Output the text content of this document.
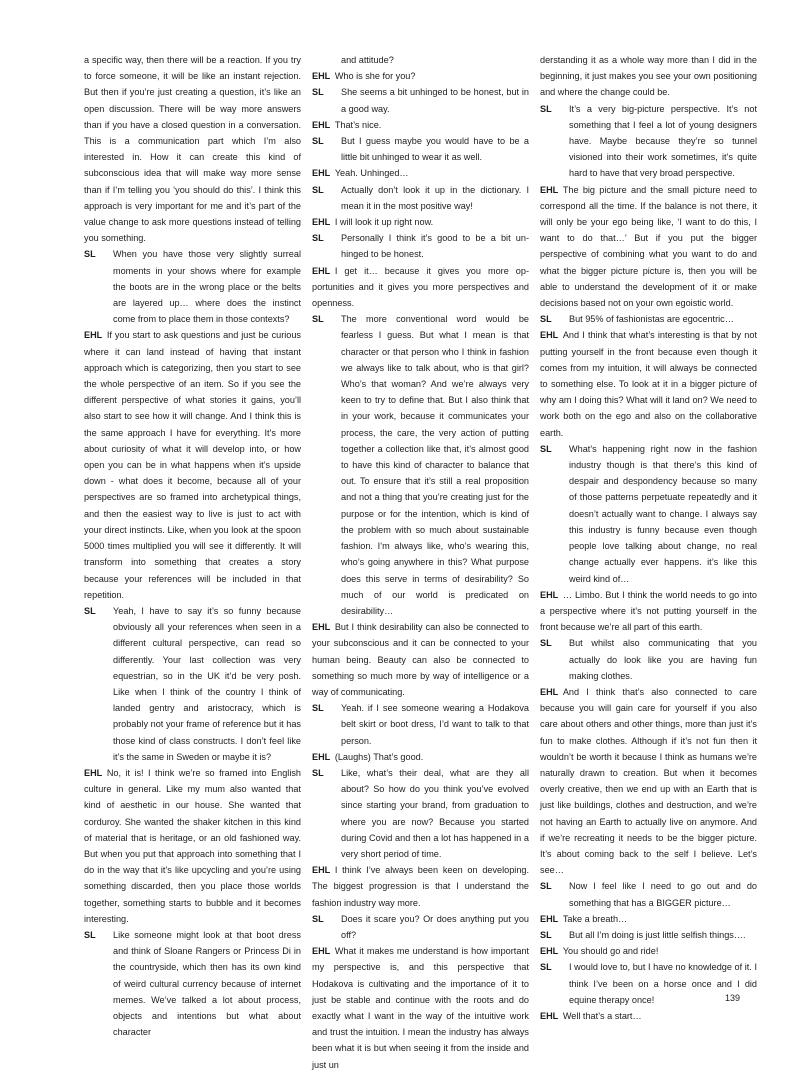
a specific way, then there will be a reaction. If you try to force someone, it will be like an instant rejection. But then if you’re just creating a question, it’s like an open discussion. There will be way more answers than if you have a closed question in a conversation. This is a communication part which I’m also interested in. How it can create this kind of subconscious idea that will make way more sense than if I’m telling you ‘you should do this’. I think this approach is very important for me and it’s part of the value change to ask more questions instead of telling you something.
SL When you have those very slightly surreal moments in your shows where for example the boots are in the wrong place or the belts are layered up… where does the instinct come from to place them in those contexts?
EHL  If you start to ask questions and just be curious where it can land instead of having that instant approach which is categorizing, then you start to see the whole perspective of an item. So if you see the different perspective of what stories it gains, you’ll also start to see how it will change. And I think this is the same approach I have for everything. It’s more about curiosity of what it will develop into, or how open you can be in what happens when it’s upside down - what does it become, because all of your perspectives are so framed into archetypical things, and then the easiest way to live is just to act with your direct instincts. Like, when you look at the spoon 5000 times multiplied you will see it differently. It will transform into something that creates a story because your references will be included in that repetition.
SL Yeah, I have to say it’s so funny because obviously all your references when seen in a different cultural perspective, can read so differently. Your last collection was very equestrian, so in the UK it’d be very posh. Like when I think of the country I think of landed gentry and aristocracy, which is probably not your frame of reference but it has those kind of class constructs. I don’t feel like it’s the same in Sweden or maybe it is?
EHL  No, it is! I think we’re so framed into English culture in general. Like my mum also wanted that kind of aesthetic in our house. She wanted that corduroy. She wanted the shaker kitchen in this kind of material that is heritage, or an old fashioned way. But when you put that approach into something that I do in the way that it’s like upcycling and you’re using something discarded, then you place those worlds together, something starts to bubble and it becomes interesting.
SL Like someone might look at that boot dress and think of Sloane Rangers or Princess Di in the countryside, which then has its own kind of weird cultural currency because of internet memes. We’ve talked a lot about process, objects and intentions but what about character
and attitude?
EHL  Who is she for you?
SL She seems a bit unhinged to be honest, but in a good way.
EHL  That’s nice.
SL But I guess maybe you would have to be a little bit unhinged to wear it as well.
EHL  Yeah. Unhinged…
SL Actually don’t look it up in the dictionary. I mean it in the most positive way!
EHL  I will look it up right now.
SL Personally I think it’s good to be a bit unhinged to be honest.
EHL  I get it… because it gives you more opportunities and it gives you more perspectives and openness.
SL The more conventional word would be fearless I guess. But what I mean is that character or that person who I think in fashion we always like to talk about, who is that girl? Who’s that woman? And we’re always very keen to try to define that. But I also think that in your work, because it communicates your process, the care, the very action of putting together a collection like that, it’s almost good to have this kind of character to balance that out. To ensure that it’s still a real proposition and not a thing that you’re creating just for the purpose or for the intention, which is kind of the problem with so much about sustainable fashion. I’m always like, who’s wearing this, who’s going anywhere in this? What purpose does this serve in terms of desirability? So much of our world is predicated on desirability…
EHL  But I think desirability can also be connected to your subconscious and it can be connected to your human being. Beauty can also be connected to something so much more by way of intelligence or a way of communicating.
SL Yeah. if I see someone wearing a Hodakova belt skirt or boot dress, I’d want to talk to that person.
EHL  (Laughs) That’s good.
SL Like, what’s their deal, what are they all about? So how do you think you’ve evolved since starting your brand, from graduation to where you are now? Because you started during Covid and then a lot has happened in a very short period of time.
EHL  I think I’ve always been keen on developing. The biggest progression is that I understand the fashion industry way more.
SL Does it scare you? Or does anything put you off?
EHL  What it makes me understand is how important my perspective is, and this perspective that Hodakova is cultivating and the importance of it to just be stable and continue with the roots and do exactly what I want in the way of the intuitive work and trust the intuition. I mean the industry has always been what it is but when seeing it from the inside and just un
derstanding it as a whole way more than I did in the beginning, it just makes you see your own positioning and where the change could be.
SL It’s a very big-picture perspective. It’s not something that I feel a lot of young designers have. Maybe because they’re so tunnel visioned into their work sometimes, it’s quite hard to have that very broad perspective.
EHL  The big picture and the small picture need to correspond all the time. If the balance is not there, it will only be your ego being like, ‘I want to do this, I want to do that…’ But if you put the bigger perspective of combining what you want to do and what the bigger picture picture is, then you will be able to understand the development of it or make decisions based not on your own egoistic world.
SL But 95% of fashionistas are egocentric…
EHL  And I think that what’s interesting is that by not putting yourself in the front because even though it comes from my intuition, it will always be connected to something else. To look at it in a bigger picture of why am I doing this? What will it land on? We need to work both on the ego and also on the collaborative earth.
SL What’s happening right now in the fashion industry though is that there’s this kind of despair and despondency because so many of those patterns perpetuate repeatedly and it doesn’t actually want to change. I always say this industry is funny because even though people love talking about change, no real change actually ever happens. it’s like this weird kind of…
EHL  … Limbo. But I think the world needs to go into a perspective where it’s not putting yourself in the front because we’re all part of this earth.
SL But whilst also communicating that you actually do look like you are having fun making clothes.
EHL  And I think that’s also connected to care because you will gain care for yourself if you also care about others and other things, more than just it’s fun to make clothes. Although if it’s not fun then it wouldn’t be worth it because I think as humans we’re naturally drawn to creation. But when it becomes overly creative, then we end up with an Earth that is just like buildings, clothes and destruction, and we’re not having an Earth to actually live on anymore. And if we’re recreating it needs to be the bigger picture. It’s about coming back to the self I believe. Let’s see…
SL Now I feel like I need to go out and do something that has a BIGGER picture…
EHL  Take a breath…
SL But all I’m doing is just little selfish things….
EHL  You should go and ride!
SL I would love to, but I have no knowledge of it. I think I’ve been on a horse once and I did equine therapy once!
EHL  Well that’s a start…
139
